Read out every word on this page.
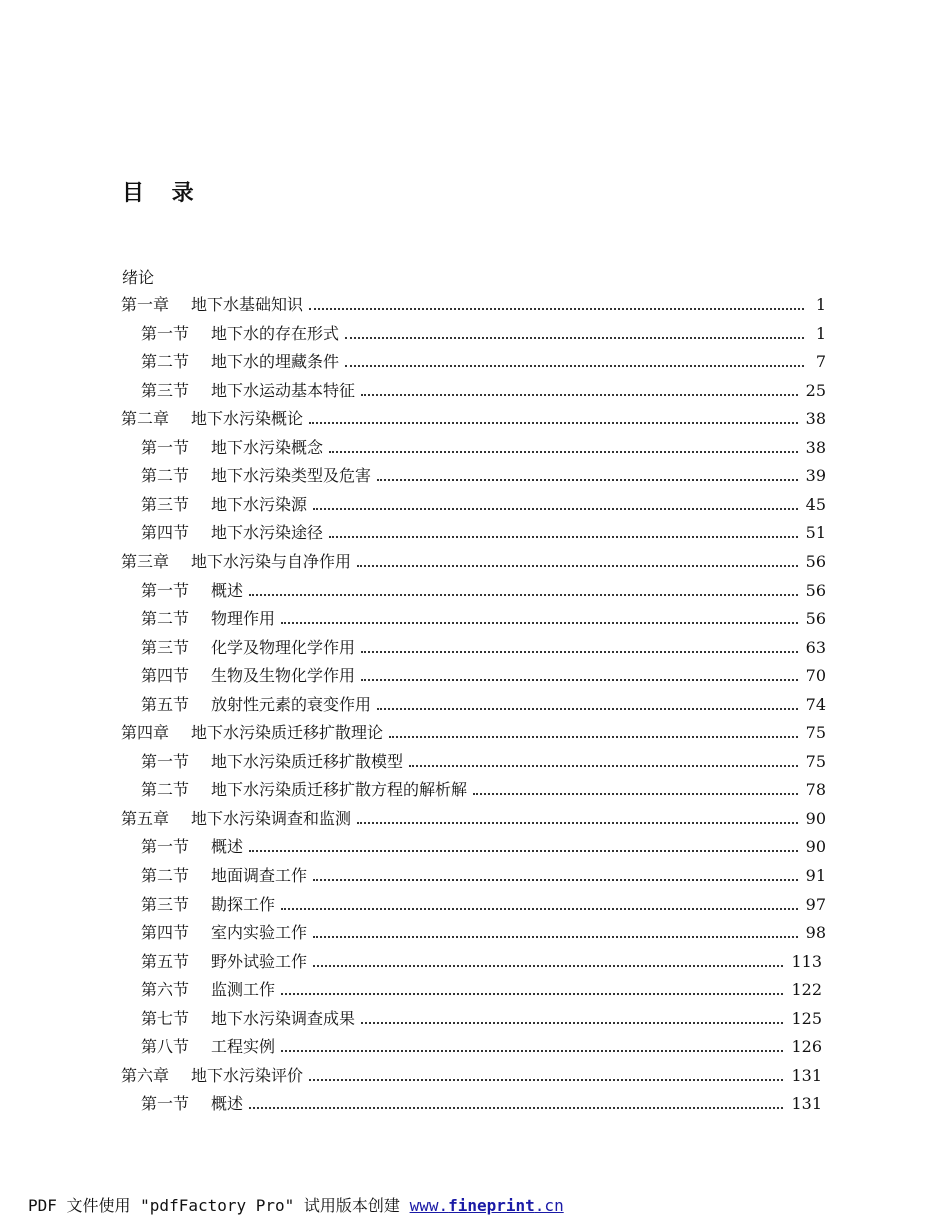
目 录
绪论
第一章 地下水基础知识	1
第一节 地下水的存在形式	1
第二节 地下水的埋藏条件	7
第三节 地下水运动基本特征	25
第二章 地下水污染概论	38
第一节 地下水污染概念	38
第二节 地下水污染类型及危害	39
第三节 地下水污染源	45
第四节 地下水污染途径	51
第三章 地下水污染与自净作用	56
第一节 概述	56
第二节 物理作用	56
第三节 化学及物理化学作用	63
第四节 生物及生物化学作用	70
第五节 放射性元素的衰变作用	74
第四章 地下水污染质迁移扩散理论	75
第一节 地下水污染质迁移扩散模型	75
第二节 地下水污染质迁移扩散方程的解析解	78
第五章 地下水污染调查和监测	90
第一节 概述	90
第二节 地面调查工作	91
第三节 勘探工作	97
第四节 室内实验工作	98
第五节 野外试验工作	113
第六节 监测工作	122
第七节 地下水污染调查成果	125
第八节 工程实例	126
第六章 地下水污染评价	131
第一节 概述	131
PDF 文件使用 "pdfFactory Pro" 试用版本创建 www.fineprint.cn
